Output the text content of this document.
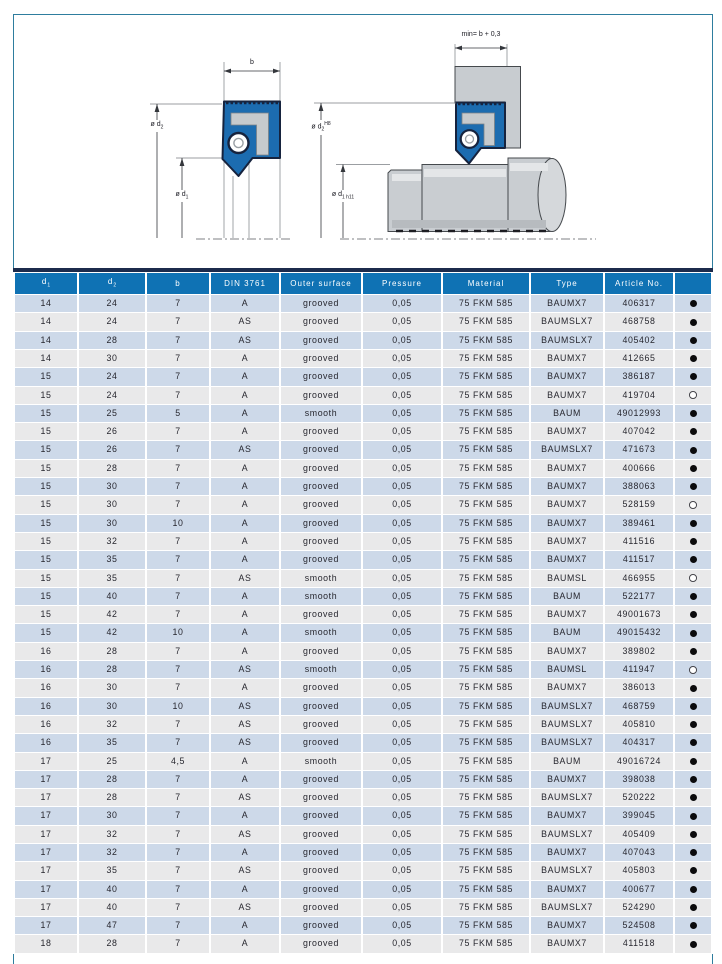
b
min= b + 0,3
ø $d_2$
ø $d_1$
ø $d_2^{H8}$
ø $d_{1 h11}$
$d_1$	$d_2$	b	DIN 3761	Outer surface	Pressure	Material	Type	Article No.	
14	24	7	A	grooved	0,05	75 FKM 585	BAUMX7	406317	
14	24	7	AS	grooved	0,05	75 FKM 585	BAUMSLX7	468758	
14	28	7	AS	grooved	0,05	75 FKM 585	BAUMSLX7	405402	
14	30	7	A	grooved	0,05	75 FKM 585	BAUMX7	412665	
15	24	7	A	grooved	0,05	75 FKM 585	BAUMX7	386187	
15	24	7	A	grooved	0,05	75 FKM 585	BAUMX7	419704	
15	25	5	A	smooth	0,05	75 FKM 585	BAUM	49012993	
15	26	7	A	grooved	0,05	75 FKM 585	BAUMX7	407042	
15	26	7	AS	grooved	0,05	75 FKM 585	BAUMSLX7	471673	
15	28	7	A	grooved	0,05	75 FKM 585	BAUMX7	400666	
15	30	7	A	grooved	0,05	75 FKM 585	BAUMX7	388063	
15	30	7	A	grooved	0,05	75 FKM 585	BAUMX7	528159	
15	30	10	A	grooved	0,05	75 FKM 585	BAUMX7	389461	
15	32	7	A	grooved	0,05	75 FKM 585	BAUMX7	411516	
15	35	7	A	grooved	0,05	75 FKM 585	BAUMX7	411517	
15	35	7	AS	smooth	0,05	75 FKM 585	BAUMSL	466955	
15	40	7	A	smooth	0,05	75 FKM 585	BAUM	522177	
15	42	7	A	grooved	0,05	75 FKM 585	BAUMX7	49001673	
15	42	10	A	smooth	0,05	75 FKM 585	BAUM	49015432	
16	28	7	A	grooved	0,05	75 FKM 585	BAUMX7	389802	
16	28	7	AS	smooth	0,05	75 FKM 585	BAUMSL	411947	
16	30	7	A	grooved	0,05	75 FKM 585	BAUMX7	386013	
16	30	10	AS	grooved	0,05	75 FKM 585	BAUMSLX7	468759	
16	32	7	AS	grooved	0,05	75 FKM 585	BAUMSLX7	405810	
16	35	7	AS	grooved	0,05	75 FKM 585	BAUMSLX7	404317	
17	25	4,5	A	smooth	0,05	75 FKM 585	BAUM	49016724	
17	28	7	A	grooved	0,05	75 FKM 585	BAUMX7	398038	
17	28	7	AS	grooved	0,05	75 FKM 585	BAUMSLX7	520222	
17	30	7	A	grooved	0,05	75 FKM 585	BAUMX7	399045	
17	32	7	AS	grooved	0,05	75 FKM 585	BAUMSLX7	405409	
17	32	7	A	grooved	0,05	75 FKM 585	BAUMX7	407043	
17	35	7	AS	grooved	0,05	75 FKM 585	BAUMSLX7	405803	
17	40	7	A	grooved	0,05	75 FKM 585	BAUMX7	400677	
17	40	7	AS	grooved	0,05	75 FKM 585	BAUMSLX7	524290	
17	47	7	A	grooved	0,05	75 FKM 585	BAUMX7	524508	
18	28	7	A	grooved	0,05	75 FKM 585	BAUMX7	411518	
